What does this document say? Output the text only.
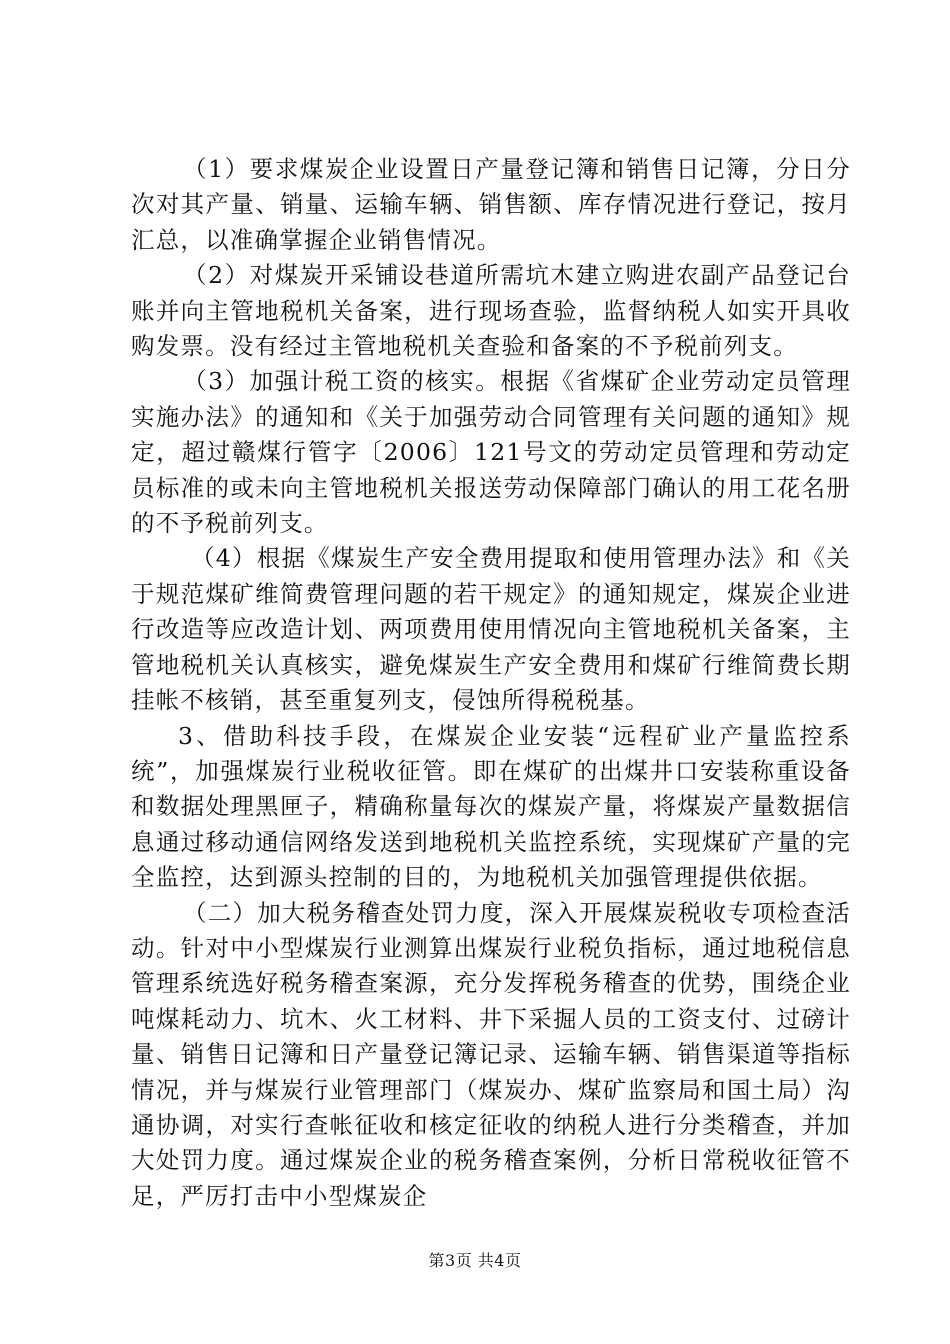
（1）要求煤炭企业设置日产量登记簿和销售日记簿，分日分次对其产量、销量、运输车辆、销售额、库存情况进行登记，按月汇总，以准确掌握企业销售情况。

（2）对煤炭开采铺设巷道所需坑木建立购进农副产品登记台账并向主管地税机关备案，进行现场查验，监督纳税人如实开具收购发票。没有经过主管地税机关查验和备案的不予税前列支。

（3）加强计税工资的核实。根据《省煤矿企业劳动定员管理实施办法》的通知和《关于加强劳动合同管理有关问题的通知》规定，超过赣煤行管字〔2006〕121号文的劳动定员管理和劳动定员标准的或未向主管地税机关报送劳动保障部门确认的用工花名册的不予税前列支。

（4）根据《煤炭生产安全费用提取和使用管理办法》和《关于规范煤矿维简费管理问题的若干规定》的通知规定，煤炭企业进行改造等应改造计划、两项费用使用情况向主管地税机关备案，主管地税机关认真核实，避免煤炭生产安全费用和煤矿行维简费长期挂帐不核销，甚至重复列支，侵蚀所得税税基。

3、借助科技手段，在煤炭企业安装“远程矿业产量监控系统”，加强煤炭行业税收征管。即在煤矿的出煤井口安装称重设备和数据处理黑匣子，精确称量每次的煤炭产量，将煤炭产量数据信息通过移动通信网络发送到地税机关监控系统，实现煤矿产量的完全监控，达到源头控制的目的，为地税机关加强管理提供依据。

（二）加大税务稽查处罚力度，深入开展煤炭税收专项检查活动。针对中小型煤炭行业测算出煤炭行业税负指标，通过地税信息管理系统选好税务稽查案源，充分发挥税务稽查的优势，围绕企业吨煤耗动力、坑木、火工材料、井下采掘人员的工资支付、过磅计量、销售日记簿和日产量登记簿记录、运输车辆、销售渠道等指标情况，并与煤炭行业管理部门（煤炭办、煤矿监察局和国土局）沟通协调，对实行查帐征收和核定征收的纳税人进行分类稽查，并加大处罚力度。通过煤炭企业的税务稽查案例，分析日常税收征管不足，严厉打击中小型煤炭企

第3页 共4页
